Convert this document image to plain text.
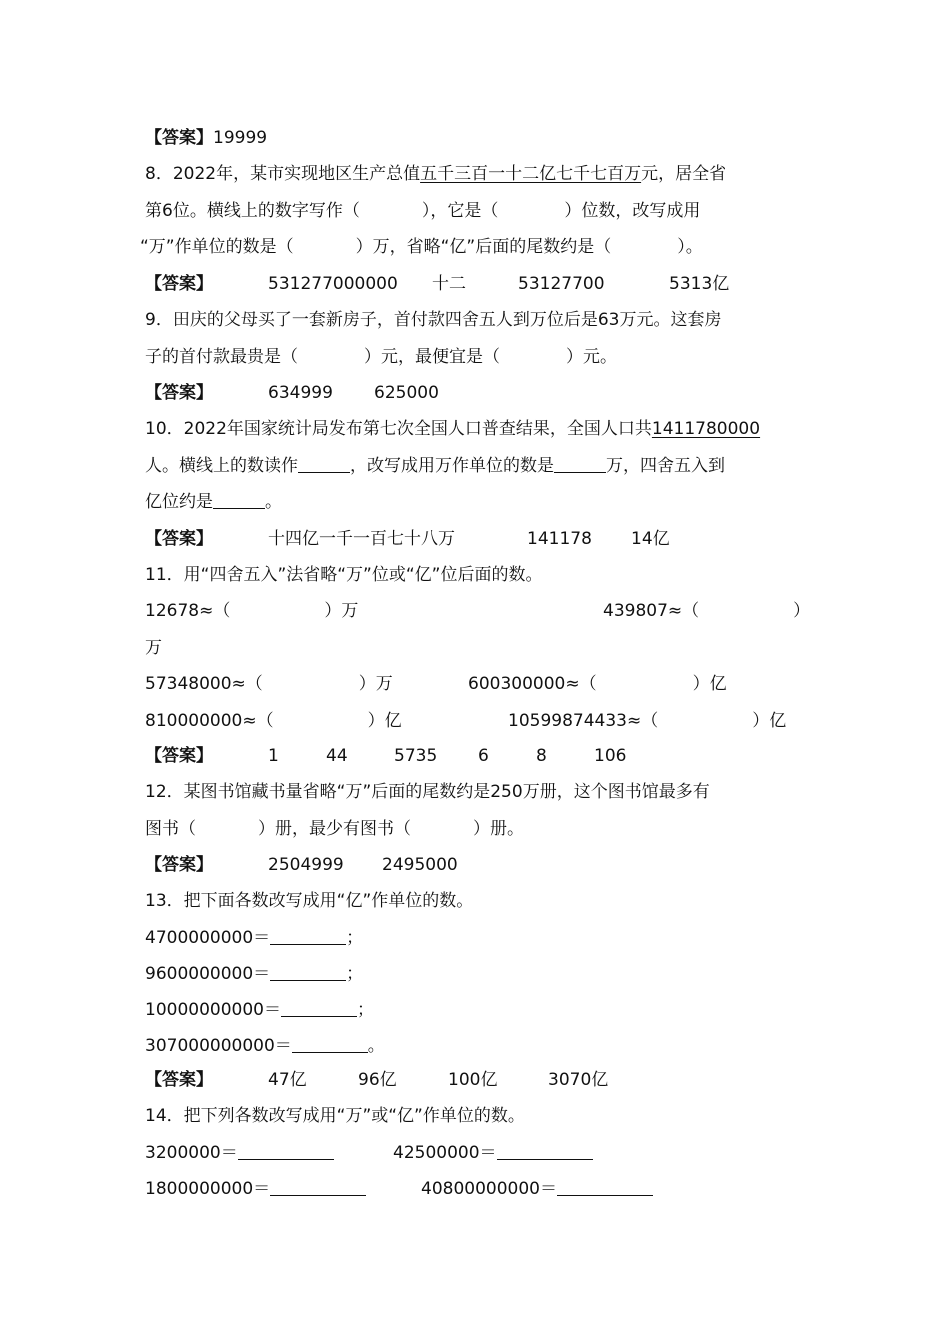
【答案】19999
8．2022年，某市实现地区生产总值五千三百一十二亿七千七百万元，居全省
第6位。横线上的数字写作（	），它是（	）位数，改写成用
“万”作单位的数是（	）万，省略“亿”后面的尾数约是（	）。
【答案】	531277000000 十二	53127700	5313亿
9．田庆的父母买了一套新房子，首付款四舍五人到万位后是63万元。这套房
子的首付款最贵是（	）元，最便宜是（	）元。
【答案】	634999 625000
10．2022年国家统计局发布第七次全国人口普查结果，全国人口共1411780000
人。横线上的数读作	，改写成用万作单位的数是	万，四舍五入到
亿位约是	。
【答案】	十四亿一千一百七十八万	141178 14亿
11．用“四舍五入”法省略“万”位或“亿”位后面的数。
12678≈（	）万	439807≈（	）
万
57348000≈（	）万	600300000≈（	）亿
810000000≈（	）亿	10599874433≈（	）亿
【答案】	1	44	5735 6	8	106
12．某图书馆藏书量省略“万”后面的尾数约是250万册，这个图书馆最多有
图书（	）册，最少有图书（	）册。
【答案】	2504999 2495000
13．把下面各数改写成用“亿”作单位的数。
4700000000＝	；
9600000000＝	；
10000000000＝	；
307000000000＝	。
【答案】	47亿	96亿	100亿	3070亿
14．把下列各数改写成用“万”或“亿”作单位的数。
3200000＝	42500000＝
1800000000＝	40800000000＝
